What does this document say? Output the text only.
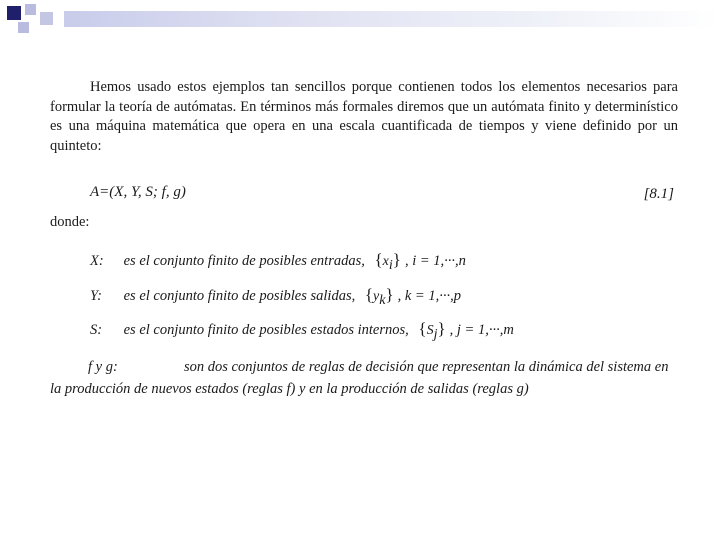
Hemos usado estos ejemplos tan sencillos porque contienen todos los elementos necesarios para formular la teoría de autómatas. En términos más formales diremos que un autómata finito y determinístico es una máquina matemática que opera en una escala cuantificada de tiempos y viene definido por un quinteto:
A=(X, Y, S; f, g)	[8.1]
donde:
X: es el conjunto finito de posibles entradas, $\{x_i\}$ , i = 1,···,n
Y: es el conjunto finito de posibles salidas, $\{y_k\}$ , k = 1,···,p
S: es el conjunto finito de posibles estados internos, $\{S_j\}$ , j = 1,···,m
f y g:	son dos conjuntos de reglas de decisión que representan la dinámica del sistema en la producción de nuevos estados (reglas f) y en la producción de salidas (reglas g)
